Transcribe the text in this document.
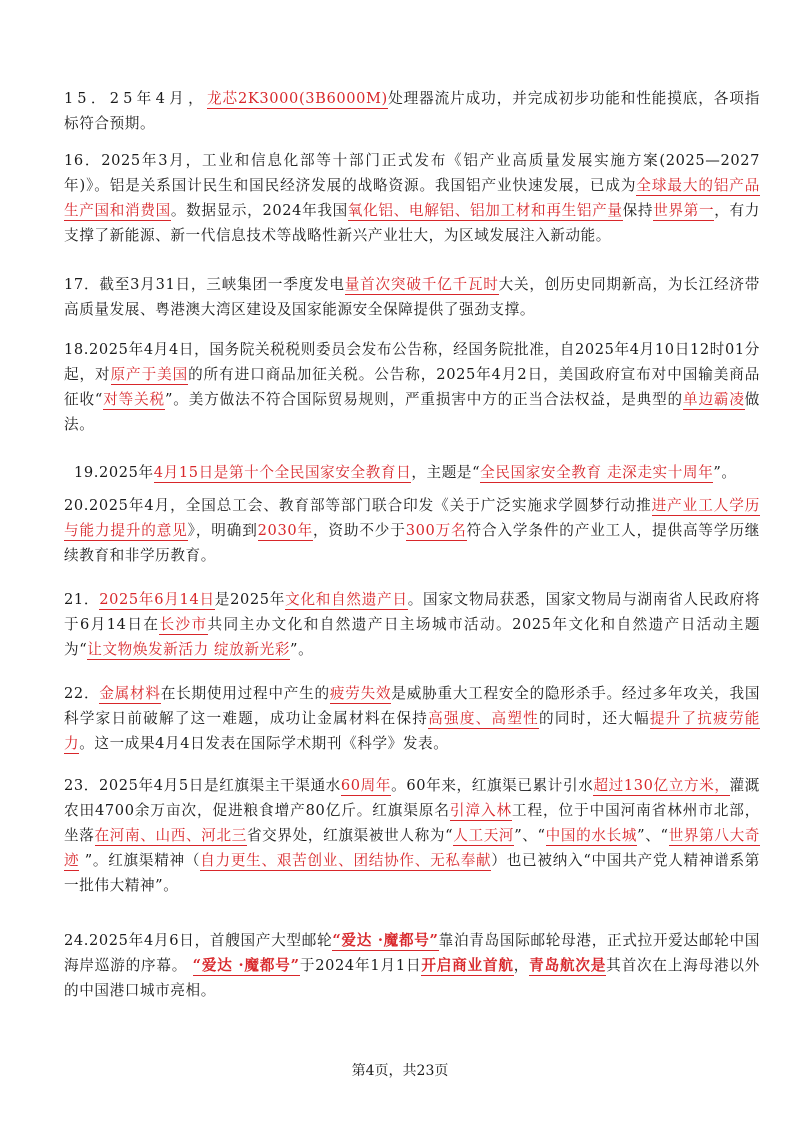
15．25年4月，龙芯2K3000(3B6000M)处理器流片成功，并完成初步功能和性能摸底，各项指标符合预期。
16．2025年3月，工业和信息化部等十部门正式发布《铝产业高质量发展实施方案(2025—2027年)》。铝是关系国计民生和国民经济发展的战略资源。我国铝产业快速发展，已成为全球最大的铝产品生产国和消费国。数据显示，2024年我国氧化铝、电解铝、铝加工材和再生铝产量保持世界第一，有力支撑了新能源、新一代信息技术等战略性新兴产业壮大，为区域发展注入新动能。
17．截至3月31日，三峡集团一季度发电量首次突破千亿千瓦时大关，创历史同期新高，为长江经济带高质量发展、粤港澳大湾区建设及国家能源安全保障提供了强劲支撑。
18.2025年4月4日，国务院关税税则委员会发布公告称，经国务院批准，自2025年4月10日12时01分起，对原产于美国的所有进口商品加征关税。公告称，2025年4月2日，美国政府宣布对中国输美商品征收“对等关税”。美方做法不符合国际贸易规则，严重损害中方的正当合法权益，是典型的单边霸凌做法。
19.2025年4月15日是第十个全民国家安全教育日，主题是“全民国家安全教育 走深走实十周年”。
20.2025年4月，全国总工会、教育部等部门联合印发《关于广泛实施求学圆梦行动推进产业工人学历与能力提升的意见》，明确到2030年，资助不少于300万名符合入学条件的产业工人，提供高等学历继续教育和非学历教育。
21．2025年6月14日是2025年文化和自然遗产日。国家文物局获悉，国家文物局与湖南省人民政府将于6月14日在长沙市共同主办文化和自然遗产日主场城市活动。2025年文化和自然遗产日活动主题 为“让文物焕发新活力 绽放新光彩”。
22．金属材料在长期使用过程中产生的疲劳失效是威胁重大工程安全的隐形杀手。经过多年攻关，我国科学家日前破解了这一难题，成功让金属材料在保持高强度、高塑性的同时，还大幅提升了抗疲劳能 力。这一成果4月4日发表在国际学术期刊《科学》发表。
23．2025年4月5日是红旗渠主干渠通水60周年。60年来，红旗渠已累计引水超过130亿立方米，灌溉农田4700余万亩次，促进粮食增产80亿斤。红旗渠原名引漳入林工程，位于中国河南省林州市北部，坐落在河南、山西、河北三省交界处，红旗渠被世人称为“人工天河”、“中国的水长城”、“世界第八大奇迹 ”。红旗渠精神（自力更生、艰苦创业、团结协作、无私奉献）也已被纳入“中国共产党人精神谱系第一批伟大精神”。
24.2025年4月6日，首艘国产大型邮轮“爱达 ·魔都号”靠泊青岛国际邮轮母港，正式拉开爱达邮轮中国海岸巡游的序幕。 “爱达 ·魔都号”于2024年1月1日开启商业首航，青岛航次是其首次在上海母港以外的中国港口城市亮相。
第4页，共23页
